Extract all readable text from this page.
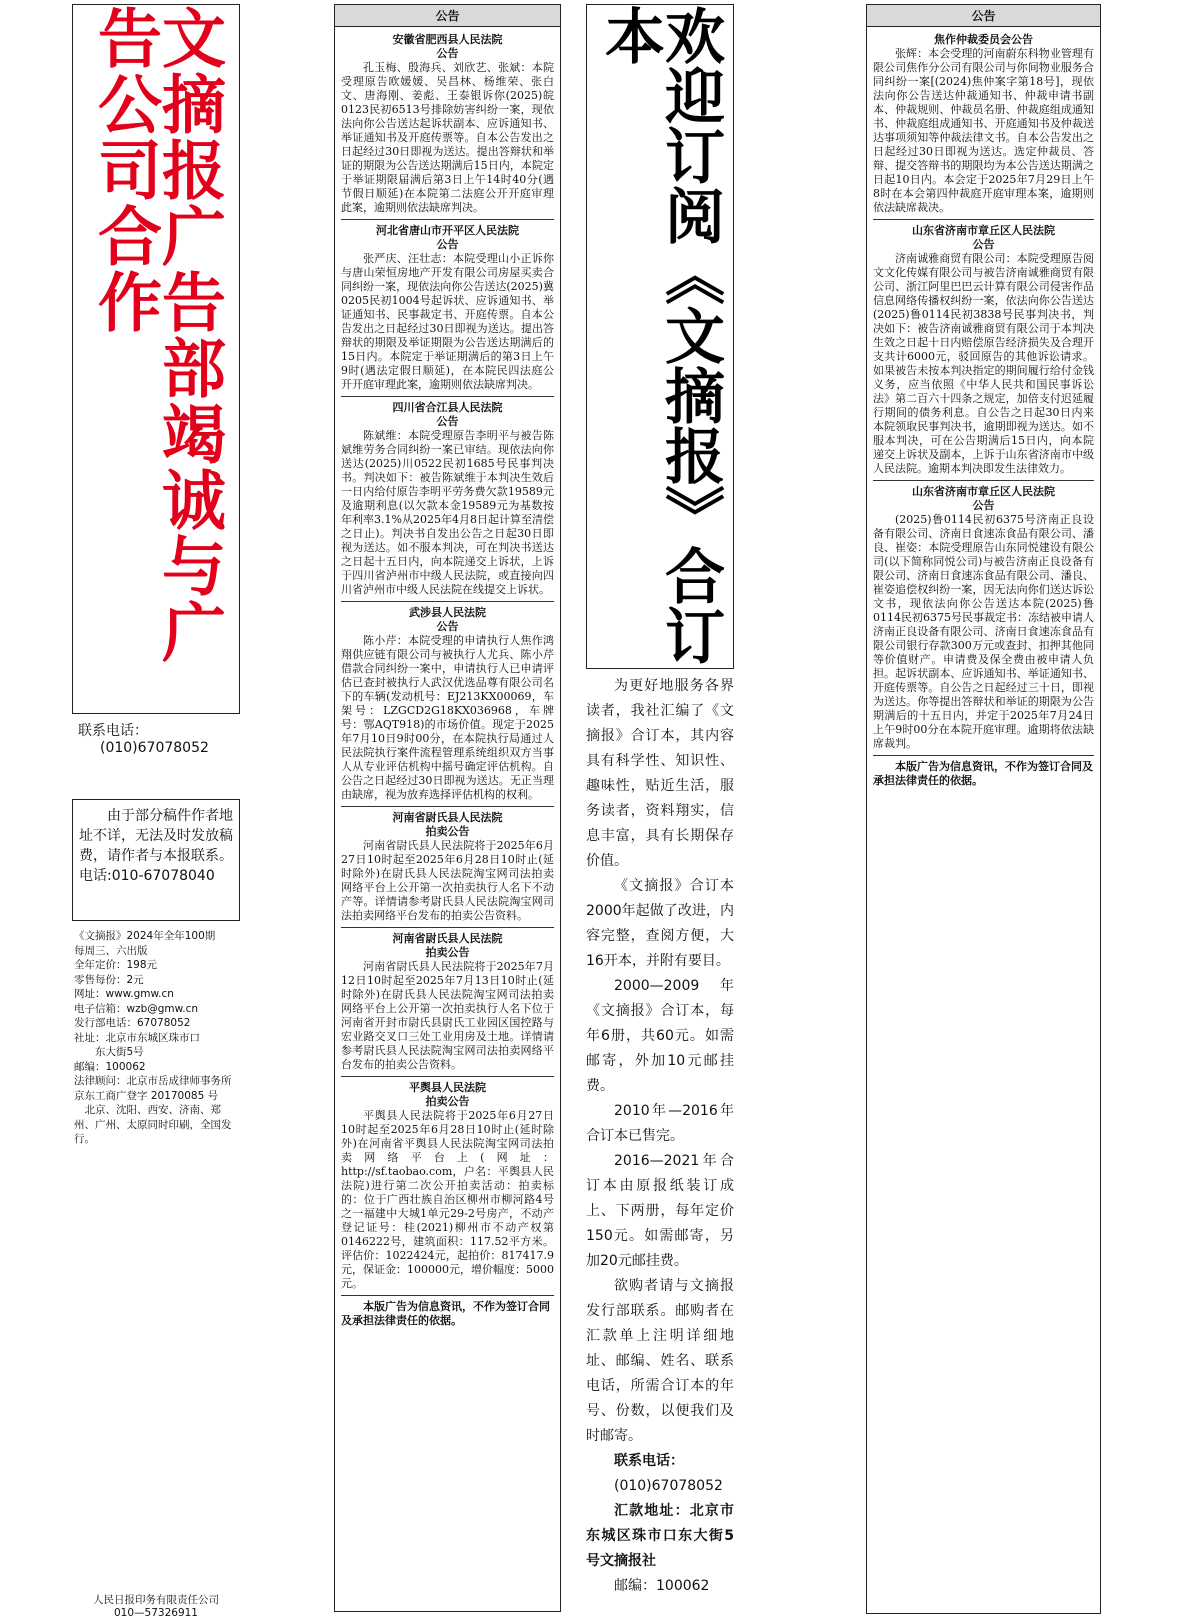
文摘报广告部竭诚与广告公司合作
联系电话：
(010)67078052
由于部分稿件作者地址不详，无法及时发放稿费，请作者与本报联系。
电话:010-67078040
《文摘报》2024年全年100期
每周三、六出版
全年定价：198元
零售每份：2元
网址：www.gmw.cn
电子信箱：wzb@gmw.cn
发行部电话：67078052
社址：北京市东城区珠市口
　　东大街5号
邮编：100062
法律顾问：北京市岳成律师事务所
京东工商广登字 20170085 号
　北京、沈阳、西安、济南、郑州、广州、太原同时印刷，全国发行。
人民日报印务有限责任公司
010—57326911
公告
安徽省肥西县人民法院
公告

孔玉梅、殷海兵、刘欣艺、张斌：本院受理原告欧媛媛、吴昌林、杨维荣、张白文、唐海刚、姜彪、王泰银诉你(2025)皖0123民初6513号排除妨害纠纷一案，现依法向你公告送达起诉状副本、应诉通知书、举证通知书及开庭传票等。自本公告发出之日起经过30日即视为送达。提出答辩状和举证的期限为公告送达期满后15日内，本院定于举证期限届满后第3日上午14时40分(遇节假日顺延)在本院第二法庭公开开庭审理此案，逾期则依法缺席判决。

河北省唐山市开平区人民法院
公告

张严庆、汪壮志：本院受理山小正诉你与唐山荣恒房地产开发有限公司房屋买卖合同纠纷一案，现依法向你公告送达(2025)冀0205民初1004号起诉状、应诉通知书、举证通知书、民事裁定书、开庭传票。自本公告发出之日起经过30日即视为送达。提出答辩状的期限及举证期限为公告送达期满后的15日内。本院定于举证期满后的第3日上午9时(遇法定假日顺延)，在本院民四法庭公开开庭审理此案，逾期则依法缺席判决。

四川省合江县人民法院
公告

陈斌维：本院受理原告李明平与被告陈斌维劳务合同纠纷一案已审结。现依法向你送达(2025)川0522民初1685号民事判决书。判决如下：被告陈斌维于本判决生效后一日内给付原告李明平劳务费欠款19589元及逾期利息(以欠款本金19589元为基数按年利率3.1%从2025年4月8日起计算至清偿之日止)。判决书自发出公告之日起30日即视为送达。如不服本判决，可在判决书送达之日起十五日内，向本院递交上诉状，上诉于四川省泸州市中级人民法院，或直接向四川省泸州市中级人民法院在线提交上诉状。

武涉县人民法院
公告

陈小芹：本院受理的申请执行人焦作鸿翔供应链有限公司与被执行人尤兵、陈小芹借款合同纠纷一案中，申请执行人已申请评估已查封被执行人武汉优选品尊有限公司名下的车辆(发动机号：EJ213KX00069，车架号：LZGCD2G18KX036968，车牌号：鄂AQT918)的市场价值。现定于2025年7月10日9时00分，在本院执行局通过人民法院执行案件流程管理系统组织双方当事人从专业评估机构中摇号确定评估机构。自公告之日起经过30日即视为送达。无正当理由缺席，视为放弃选择评估机构的权利。

河南省尉氏县人民法院
拍卖公告

河南省尉氏县人民法院将于2025年6月27日10时起至2025年6月28日10时止(延时除外)在尉氏县人民法院淘宝网司法拍卖网络平台上公开第一次拍卖执行人名下不动产等。详情请参考尉氏县人民法院淘宝网司法拍卖网络平台发布的拍卖公告资料。

河南省尉氏县人民法院
拍卖公告

河南省尉氏县人民法院将于2025年7月12日10时起至2025年7月13日10时止(延时除外)在尉氏县人民法院淘宝网司法拍卖网络平台上公开第一次拍卖执行人名下位于河南省开封市尉氏县尉氏工业园区国控路与宏业路交叉口三处工业用房及土地。详情请参考尉氏县人民法院淘宝网司法拍卖网络平台发布的拍卖公告资料。

平舆县人民法院
拍卖公告

平舆县人民法院将于2025年6月27日10时起至2025年6月28日10时止(延时除外)在河南省平舆县人民法院淘宝网司法拍卖网络平台上(网址：http://sf.taobao.com，户名：平舆县人民法院)进行第二次公开拍卖活动：拍卖标的：位于广西壮族自治区柳州市柳河路4号之一福建中大城1单元29-2号房产，不动产登记证号：桂(2021)柳州市不动产权第0146222号，建筑面积：117.52平方米。评估价：1022424元，起拍价：817417.9元，保证金：100000元，增价幅度：5000元。

本版广告为信息资讯，不作为签订合同及承担法律责任的依据。
欢迎订阅《文摘报》合订本

为更好地服务各界读者，我社汇编了《文摘报》合订本，其内容具有科学性、知识性、趣味性，贴近生活，服务读者，资料翔实，信息丰富，具有长期保存价值。

《文摘报》合订本2000年起做了改进，内容完整，查阅方便，大16开本，并附有要目。

2000—2009年《文摘报》合订本，每年6册，共60元。如需邮寄，外加10元邮挂费。

2010年—2016年合订本已售完。

2016—2021年合订本由原报纸装订成上、下两册，每年定价150元。如需邮寄，另加20元邮挂费。

欲购者请与文摘报发行部联系。邮购者在汇款单上注明详细地址、邮编、姓名、联系电话，所需合订本的年号、份数，以便我们及时邮寄。

联系电话：

(010)67078052

汇款地址：北京市东城区珠市口东大街5号文摘报社

邮编：100062

公告
焦作仲裁委员会公告

张辉：本会受理的河南蔚东科物业管理有限公司焦作分公司有限公司与你间物业服务合同纠纷一案[(2024)焦仲案字第18号]，现依法向你公告送达仲裁通知书、仲裁申请书副本、仲裁规则、仲裁员名册、仲裁庭组成通知书、仲裁庭组成通知书、开庭通知书及仲裁送达事项须知等仲裁法律文书。自本公告发出之日起经过30日即视为送达。选定仲裁员、答辩、提交答辩书的期限均为本公告送达期满之日起10日内。本会定于2025年7月29日上午8时在本会第四仲裁庭开庭审理本案，逾期则依法缺席裁决。

山东省济南市章丘区人民法院
公告

济南诚雅商贸有限公司：本院受理原告阅文文化传媒有限公司与被告济南诚雅商贸有限公司、浙江阿里巴巴云计算有限公司侵害作品信息网络传播权纠纷一案，依法向你公告送达(2025)鲁0114民初3838号民事判决书，判决如下：被告济南诚雅商贸有限公司于本判决生效之日起十日内赔偿原告经济损失及合理开支共计6000元，驳回原告的其他诉讼请求。如果被告未按本判决指定的期间履行给付金钱义务，应当依照《中华人民共和国民事诉讼法》第二百六十四条之规定，加倍支付迟延履行期间的债务利息。自公告之日起30日内来本院领取民事判决书，逾期即视为送达。如不服本判决，可在公告期满后15日内，向本院递交上诉状及副本，上诉于山东省济南市中级人民法院。逾期本判决即发生法律效力。

山东省济南市章丘区人民法院
公告

(2025)鲁0114民初6375号济南正良设备有限公司、济南日食速冻食品有限公司、潘良、崔姿：本院受理原告山东同悦建设有限公司(以下简称同悦公司)与被告济南正良设备有限公司、济南日食速冻食品有限公司、潘良、崔姿追偿权纠纷一案，因无法向你们送达诉讼文书，现依法向你公告送达本院(2025)鲁0114民初6375号民事裁定书：冻结被申请人济南正良设备有限公司、济南日食速冻食品有限公司银行存款300万元或查封、扣押其他同等价值财产。申请费及保全费由被申请人负担。起诉状副本、应诉通知书、举证通知书、开庭传票等。自公告之日起经过三十日，即视为送达。你等提出答辩状和举证的期限为公告期满后的十五日内，并定于2025年7月24日上午9时00分在本院开庭审理。逾期将依法缺席裁判。

本版广告为信息资讯，不作为签订合同及承担法律责任的依据。
